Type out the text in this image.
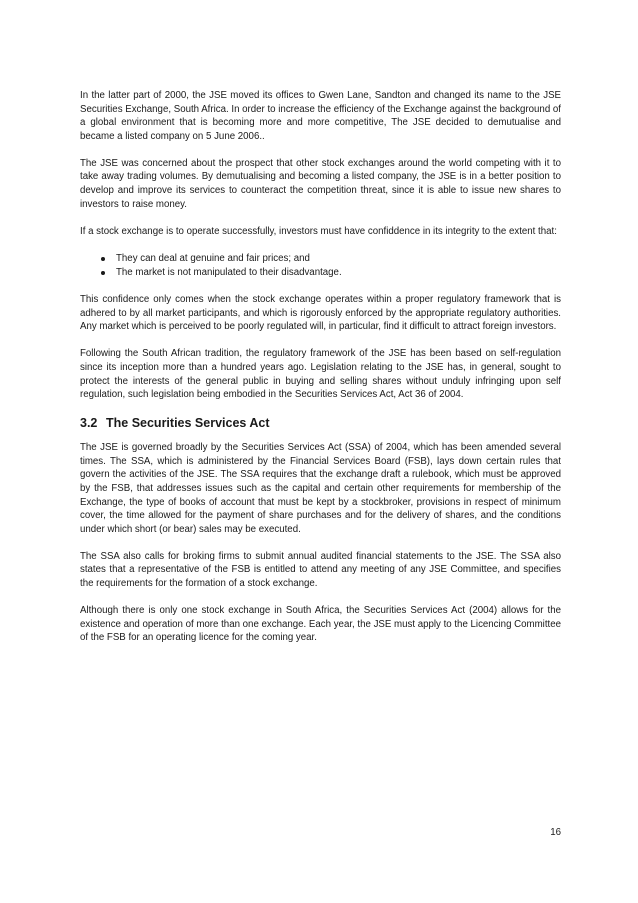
In the latter part of 2000, the JSE moved its offices to Gwen Lane, Sandton and changed its name to the JSE Securities Exchange, South Africa. In order to increase the efficiency of the Exchange against the background of a global environment that is becoming more and more competitive, The JSE decided to demutualise and became a listed company on 5 June 2006..

The JSE was concerned about the prospect that other stock exchanges around the world competing with it to take away trading volumes. By demutualising and becoming a listed company, the JSE is in a better position to develop and improve its services to counteract the competition threat, since it is able to issue new shares to investors to raise money.

If a stock exchange is to operate successfully, investors must have confiddence in its integrity to the extent that:

They can deal at genuine and fair prices; and
The market is not manipulated to their disadvantage.

This confidence only comes when the stock exchange operates within a proper regulatory framework that is adhered to by all market participants, and which is rigorously enforced by the appropriate regulatory authorities. Any market which is perceived to be poorly regulated will, in particular, find it difficult to attract foreign investors.

Following the South African tradition, the regulatory framework of the JSE has been based on self-regulation since its inception more than a hundred years ago. Legislation relating to the JSE has, in general, sought to protect the interests of the general public in buying and selling shares without unduly infringing upon self regulation, such legislation being embodied in the Securities Services Act, Act 36 of 2004.

3.2 The Securities Services Act

The JSE is governed broadly by the Securities Services Act (SSA) of 2004, which has been amended several times. The SSA, which is administered by the Financial Services Board (FSB), lays down certain rules that govern the activities of the JSE. The SSA requires that the exchange draft a rulebook, which must be approved by the FSB, that addresses issues such as the capital and certain other requirements for membership of the Exchange, the type of books of account that must be kept by a stockbroker, provisions in respect of minimum cover, the time allowed for the payment of share purchases and for the delivery of shares, and the conditions under which short (or bear) sales may be executed.

The SSA also calls for broking firms to submit annual audited financial statements to the JSE. The SSA also states that a representative of the FSB is entitled to attend any meeting of any JSE Committee, and specifies the requirements for the formation of a stock exchange.

Although there is only one stock exchange in South Africa, the Securities Services Act (2004) allows for the existence and operation of more than one exchange. Each year, the JSE must apply to the Licencing Committee of the FSB for an operating licence for the coming year.

16
